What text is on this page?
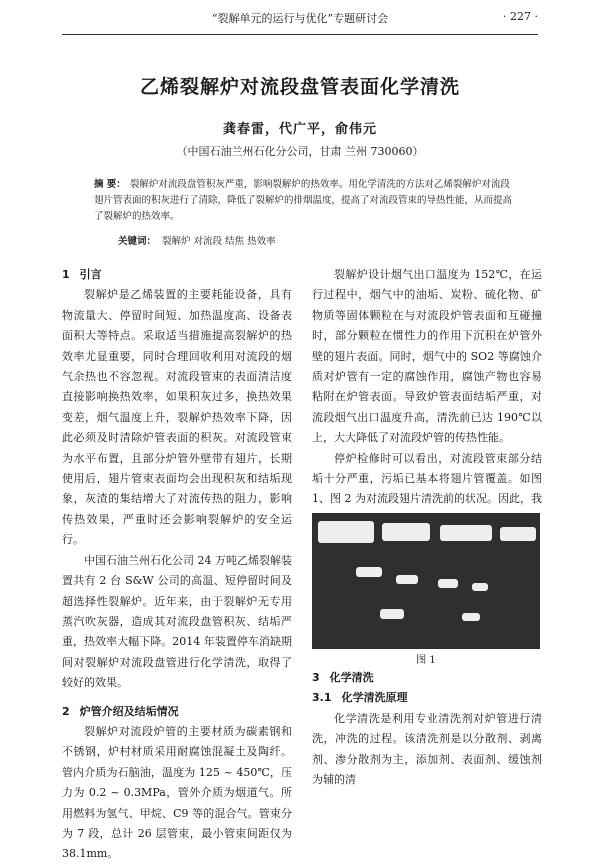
“裂解单元的运行与优化”专题研讨会	· 227 ·
乙烯裂解炉对流段盘管表面化学清洗
龚春雷，代广平，俞伟元
（中国石油兰州石化分公司，甘肃 兰州 730060）
摘 要： 裂解炉对流段盘管积灰严重，影响裂解炉的热效率。用化学清洗的方法对乙烯裂解炉对流段翅片管表面的积灰进行了清除，降低了裂解炉的排烟温度，提高了对流段管束的导热性能，从而提高了裂解炉的热效率。
关键词： 裂解炉 对流段 结焦 热效率
1 引言

裂解炉是乙烯装置的主要耗能设备，具有物流量大、停留时间短、加热温度高、设备表面积大等特点。采取适当措施提高裂解炉的热效率尤显重要，同时合理回收利用对流段的烟气余热也不容忽视。对流段管束的表面清洁度直接影响换热效率，如果积灰过多，换热效果变差，烟气温度上升，裂解炉热效率下降，因此必须及时清除炉管表面的积灰。对流段管束为水平布置，且部分炉管外壁带有翅片，长期使用后，翅片管束表面均会出现积灰和结垢现象，灰渣的集结增大了对流传热的阻力，影响传热效果，严重时还会影响裂解炉的安全运行。

中国石油兰州石化公司 24 万吨乙烯裂解装置共有 2 台 S&W 公司的高温、短停留时间及超选择性裂解炉。近年来，由于裂解炉无专用蒸汽吹灰器，造成其对流段盘管积灰、结垢严重，热效率大幅下降。2014 年装置停车消缺期间对裂解炉对流段盘管进行化学清洗，取得了较好的效果。

2 炉管介绍及结垢情况

裂解炉对流段炉管的主要材质为碳素钢和不锈钢，炉村材质采用耐腐蚀混凝土及陶纤。管内介质为石脑油，温度为 125 ~ 450℃，压力为 0.2 ~ 0.3MPa，管外介质为烟道气。所用燃料为氢气、甲烷、C9 等的混合气。管束分为 7 段，总计 26 层管束，最小管束间距仅为 38.1mm。

裂解炉设计烟气出口温度为 152℃，在运行过程中，烟气中的油垢、炭粉、硫化物、矿物质等固体颗粒在与对流段炉管表面和互碰撞时，部分颗粒在惯性力的作用下沉积在炉管外壁的翅片表面。同时，烟气中的 SO2 等腐蚀介质对炉管有一定的腐蚀作用，腐蚀产物也容易粘附在炉管表面。导致炉管表面结垢严重，对流段烟气出口温度升高，清洗前已达 190℃以上，大大降低了对流段炉管的传热性能。

停炉检修时可以看出，对流段管束部分结垢十分严重，污垢已基本将翅片管覆盖。如图 1、图 2 为对流段翅片清洗前的状况。因此，我

图 1
3 化学清洗
3.1 化学清洗原理

化学清洗是利用专业清洗剂对炉管进行清洗，冲洗的过程。该清洗剂是以分散剂、剥离剂、渗分散剂为主，添加剂、表面剂、缓蚀剂为辅的清
